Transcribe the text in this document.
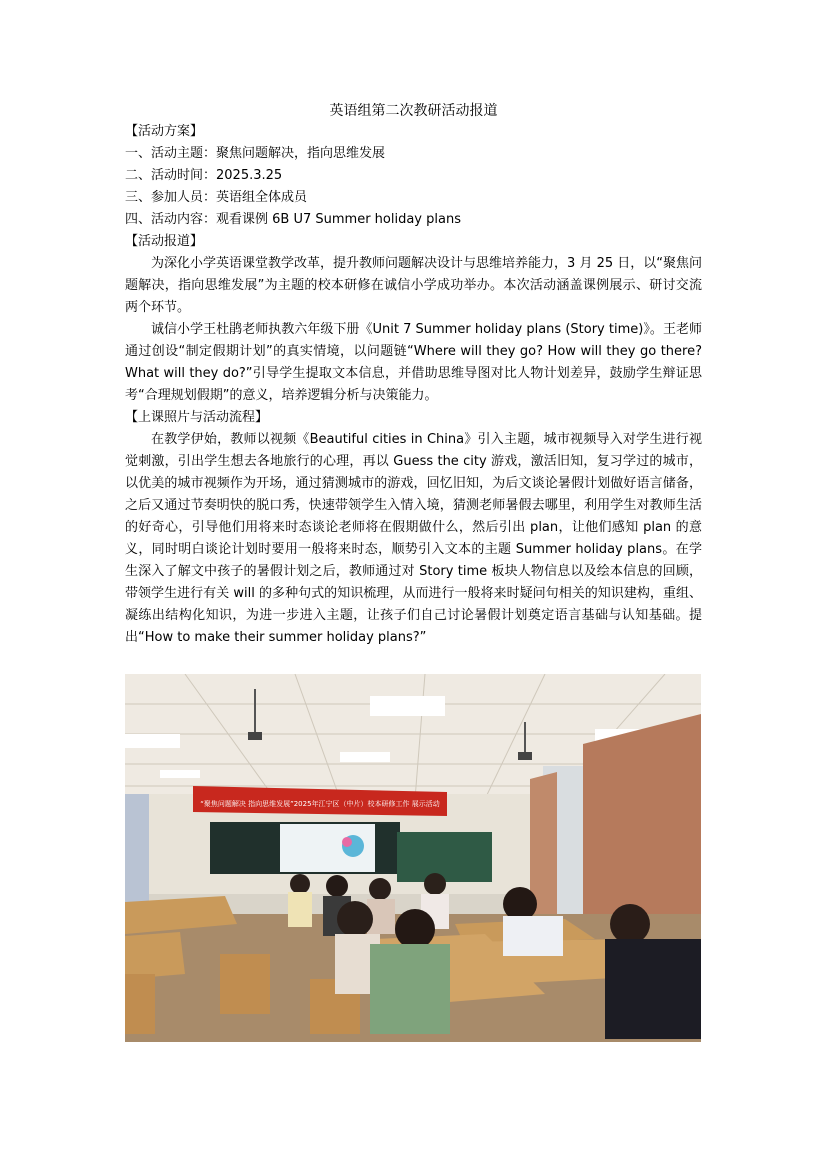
英语组第二次教研活动报道
【活动方案】
一、活动主题：聚焦问题解决，指向思维发展
二、活动时间：2025.3.25
三、参加人员：英语组全体成员
四、活动内容：观看课例 6B U7 Summer holiday plans
【活动报道】

为深化小学英语课堂教学改革，提升教师问题解决设计与思维培养能力，3 月 25 日，以“聚焦问题解决，指向思维发展”为主题的校本研修在诚信小学成功举办。本次活动涵盖课例展示、研讨交流两个环节。

诚信小学王杜鹃老师执教六年级下册《Unit 7 Summer holiday plans (Story time)》。王老师通过创设“制定假期计划”的真实情境，以问题链“Where will they go? How will they go there? What will they do?”引导学生提取文本信息，并借助思维导图对比人物计划差异，鼓励学生辩证思考“合理规划假期”的意义，培养逻辑分析与决策能力。

【上课照片与活动流程】

在教学伊始，教师以视频《Beautiful cities in China》引入主题，城市视频导入对学生进行视觉刺激，引出学生想去各地旅行的心理，再以 Guess the city 游戏，激活旧知，复习学过的城市，以优美的城市视频作为开场，通过猜测城市的游戏，回忆旧知，为后文谈论暑假计划做好语言储备，之后又通过节奏明快的脱口秀，快速带领学生入情入境，猜测老师暑假去哪里，利用学生对教师生活的好奇心，引导他们用将来时态谈论老师将在假期做什么，然后引出 plan，让他们感知 plan 的意义，同时明白谈论计划时要用一般将来时态，顺势引入文本的主题 Summer holiday plans。在学生深入了解文中孩子的暑假计划之后，教师通过对 Story time 板块人物信息以及绘本信息的回顾，带领学生进行有关 will 的多种句式的知识梳理，从而进行一般将来时疑问句相关的知识建构，重组、凝练出结构化知识，为进一步进入主题，让孩子们自己讨论暑假计划奠定语言基础与认知基础。提出“How to make their summer holiday plans?”

“聚焦问题解决 指向思维发展”2025年江宁区（中片）校本研修工作 展示活动
